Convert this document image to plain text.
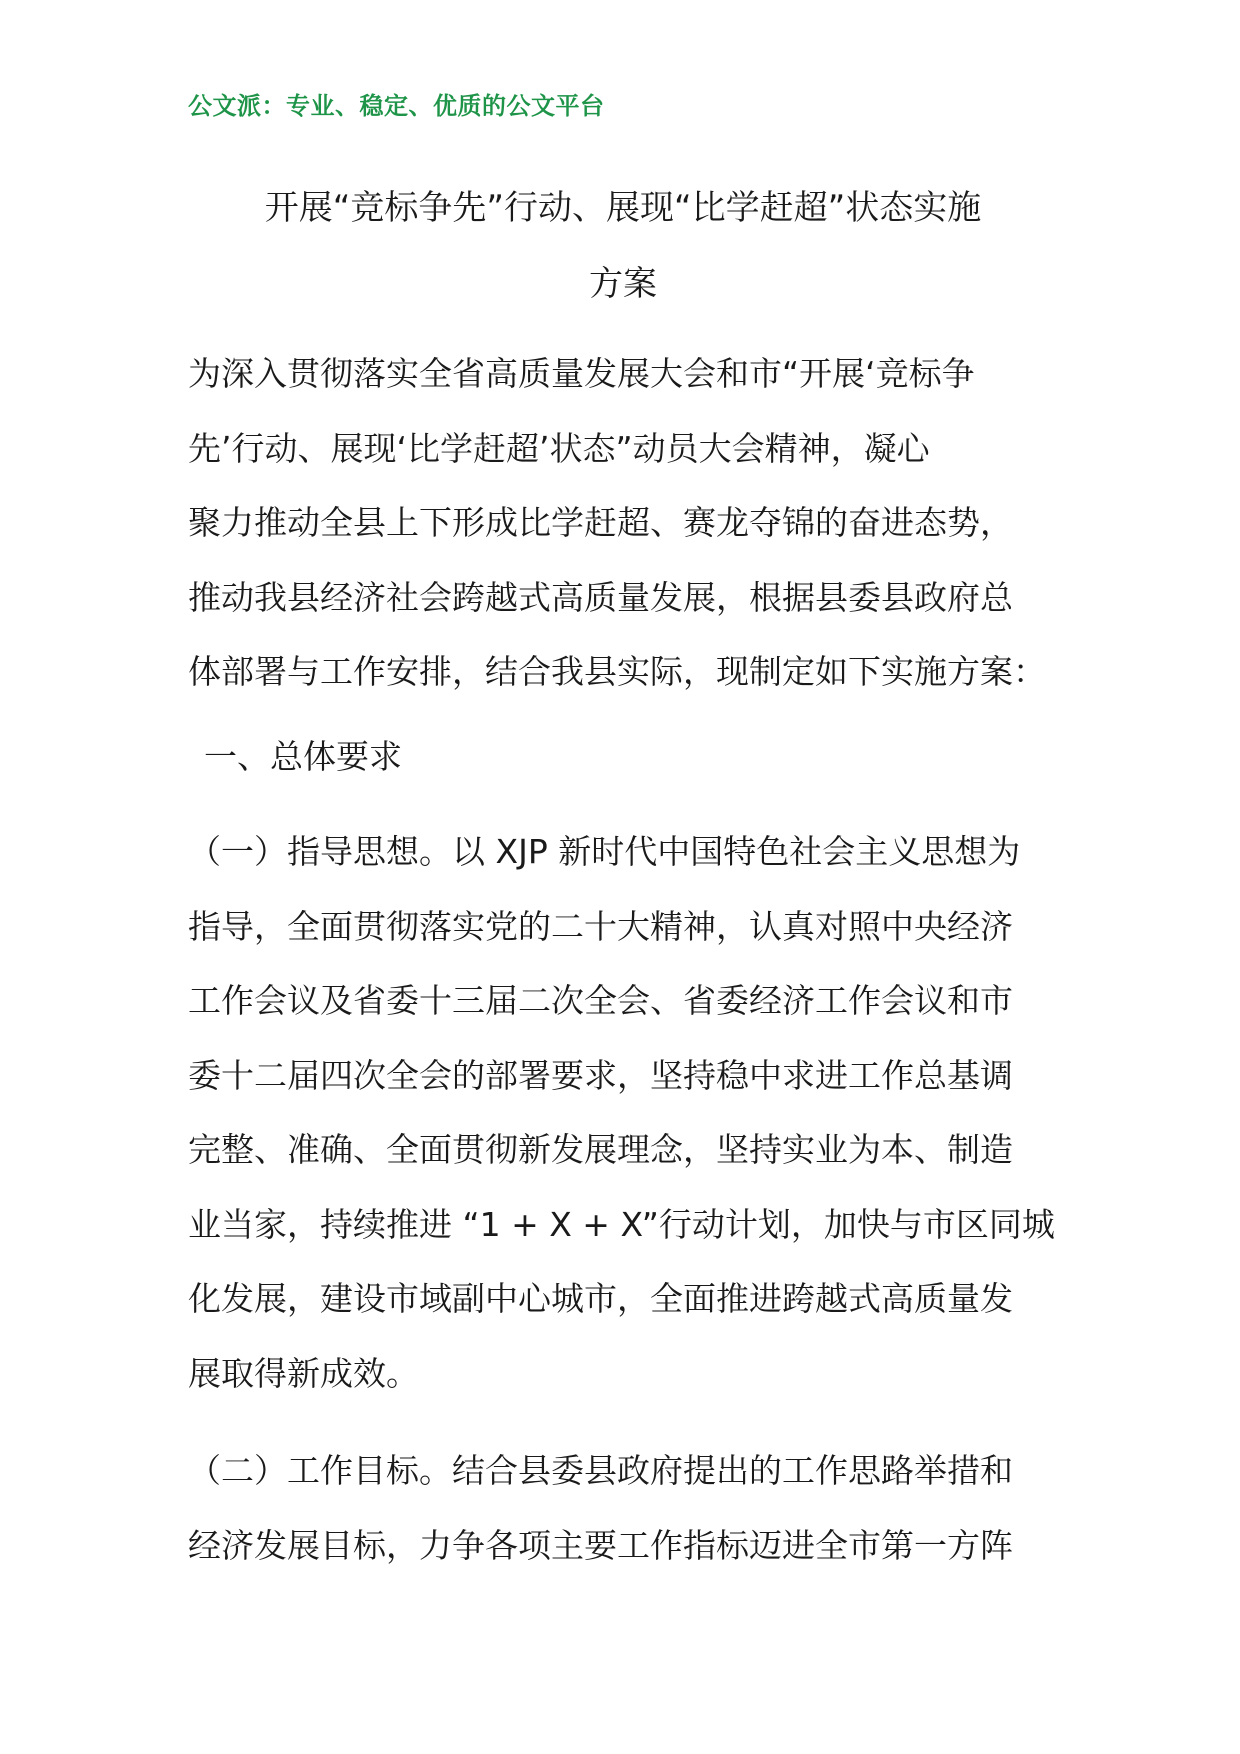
公文派：专业、稳定、优质的公文平台
开展“竞标争先”行动、展现“比学赶超”状态实施
方案
为深入贯彻落实全省高质量发展大会和市“开展‘竞标争
先’行动、展现‘比学赶超’状态”动员大会精神，凝心
聚力推动全县上下形成比学赶超、赛龙夺锦的奋进态势，
推动我县经济社会跨越式高质量发展，根据县委县政府总
体部署与工作安排，结合我县实际，现制定如下实施方案：
一、总体要求
（一）指导思想。以 XJP 新时代中国特色社会主义思想为
指导，全面贯彻落实党的二十大精神，认真对照中央经济
工作会议及省委十三届二次全会、省委经济工作会议和市
委十二届四次全会的部署要求，坚持稳中求进工作总基调
完整、准确、全面贯彻新发展理念，坚持实业为本、制造
业当家，持续推进 “1 + X + X”行动计划，加快与市区同城
化发展，建设市域副中心城市，全面推进跨越式高质量发
展取得新成效。
（二）工作目标。结合县委县政府提出的工作思路举措和
经济发展目标，力争各项主要工作指标迈进全市第一方阵
